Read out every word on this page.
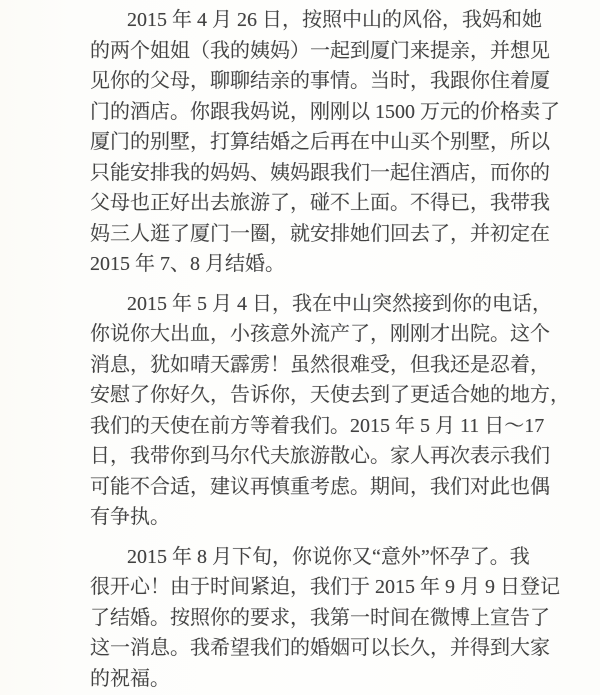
2015 年 4 月 26 日，按照中山的风俗，我妈和她
的两个姐姐（我的姨妈）一起到厦门来提亲，并想见
见你的父母，聊聊结亲的事情。当时，我跟你住着厦
门的酒店。你跟我妈说，刚刚以 1500 万元的价格卖了
厦门的别墅，打算结婚之后再在中山买个别墅，所以
只能安排我的妈妈、姨妈跟我们一起住酒店，而你的
父母也正好出去旅游了，碰不上面。不得已，我带我
妈三人逛了厦门一圈，就安排她们回去了，并初定在
2015 年 7、8 月结婚。
2015 年 5 月 4 日，我在中山突然接到你的电话，
你说你大出血，小孩意外流产了，刚刚才出院。这个
消息，犹如晴天霹雳！虽然很难受，但我还是忍着，
安慰了你好久，告诉你，天使去到了更适合她的地方，
我们的天使在前方等着我们。2015 年 5 月 11 日～17
日，我带你到马尔代夫旅游散心。家人再次表示我们
可能不合适，建议再慎重考虑。期间，我们对此也偶
有争执。
2015 年 8 月下旬，你说你又“意外”怀孕了。我
很开心！由于时间紧迫，我们于 2015 年 9 月 9 日登记
了结婚。按照你的要求，我第一时间在微博上宣告了
这一消息。我希望我们的婚姻可以长久，并得到大家
的祝福。
